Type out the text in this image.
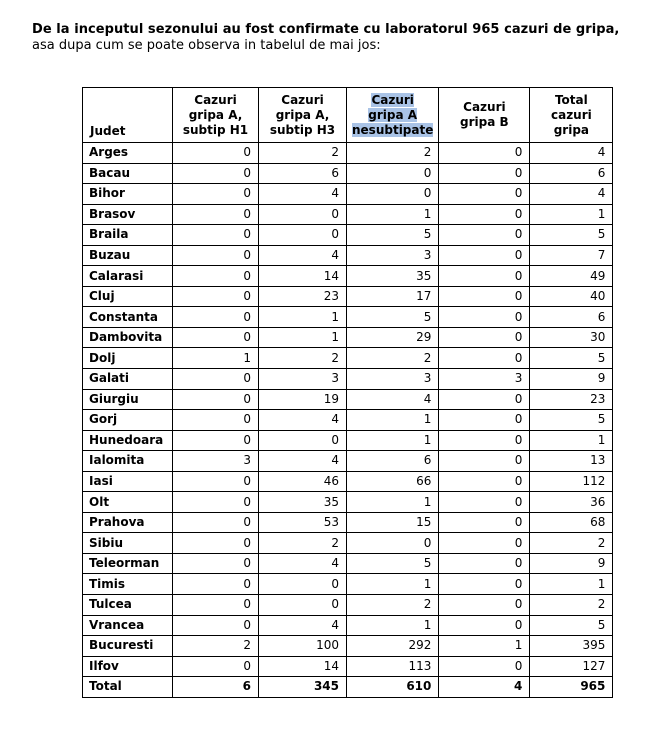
De la inceputul sezonului au fost confirmate cu laboratorul 965 cazuri de gripa,
asa dupa cum se poate observa in tabelul de mai jos:
Judet	Cazuri gripa A, subtip H1	Cazuri gripa A, subtip H3	Cazuri gripa A nesubtipate	Cazuri gripa B	Total cazuri gripa
Arges	0	2	2	0	4
Bacau	0	6	0	0	6
Bihor	0	4	0	0	4
Brasov	0	0	1	0	1
Braila	0	0	5	0	5
Buzau	0	4	3	0	7
Calarasi	0	14	35	0	49
Cluj	0	23	17	0	40
Constanta	0	1	5	0	6
Dambovita	0	1	29	0	30
Dolj	1	2	2	0	5
Galati	0	3	3	3	9
Giurgiu	0	19	4	0	23
Gorj	0	4	1	0	5
Hunedoara	0	0	1	0	1
Ialomita	3	4	6	0	13
Iasi	0	46	66	0	112
Olt	0	35	1	0	36
Prahova	0	53	15	0	68
Sibiu	0	2	0	0	2
Teleorman	0	4	5	0	9
Timis	0	0	1	0	1
Tulcea	0	0	2	0	2
Vrancea	0	4	1	0	5
Bucuresti	2	100	292	1	395
Ilfov	0	14	113	0	127
Total	6	345	610	4	965
